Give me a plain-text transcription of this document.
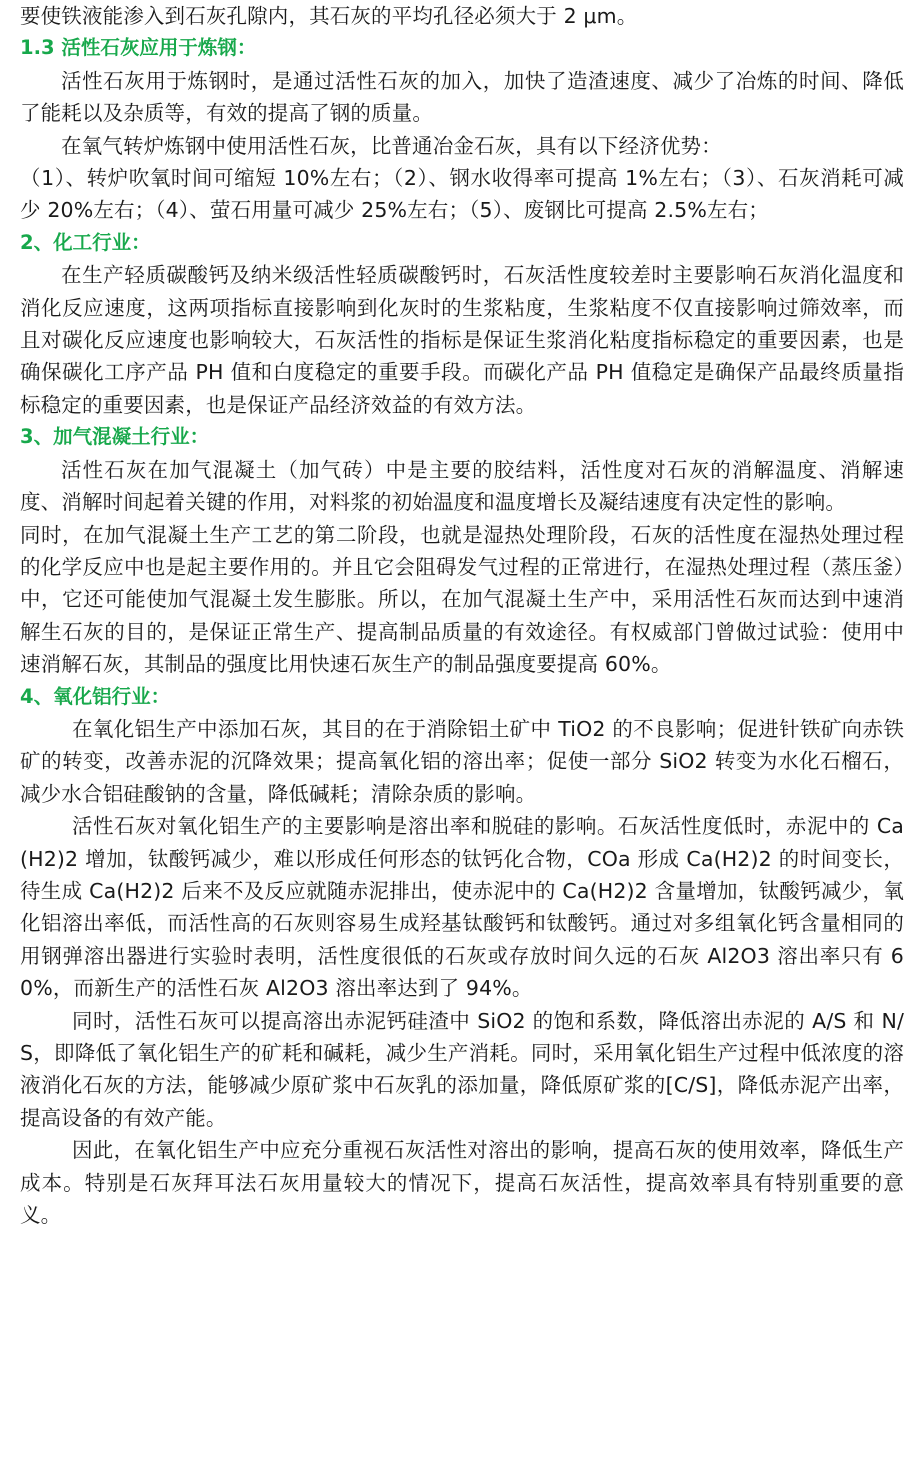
要使铁液能渗入到石灰孔隙内，其石灰的平均孔径必须大于 2 μm。

1.3 活性石灰应用于炼钢：

活性石灰用于炼钢时，是通过活性石灰的加入，加快了造渣速度、减少了冶炼的时间、降低了能耗以及杂质等，有效的提高了钢的质量。

在氧气转炉炼钢中使用活性石灰，比普通冶金石灰，具有以下经济优势：

（1）、转炉吹氧时间可缩短 10%左右；（2）、钢水收得率可提高 1%左右；（3）、石灰消耗可减少 20%左右；（4）、萤石用量可减少 25%左右；（5）、废钢比可提高 2.5%左右；

2、化工行业：

在生产轻质碳酸钙及纳米级活性轻质碳酸钙时，石灰活性度较差时主要影响石灰消化温度和消化反应速度，这两项指标直接影响到化灰时的生浆粘度，生浆粘度不仅直接影响过筛效率，而且对碳化反应速度也影响较大，石灰活性的指标是保证生浆消化粘度指标稳定的重要因素，也是确保碳化工序产品 PH 值和白度稳定的重要手段。而碳化产品 PH 值稳定是确保产品最终质量指标稳定的重要因素，也是保证产品经济效益的有效方法。

3、加气混凝土行业：

活性石灰在加气混凝土（加气砖）中是主要的胶结料，活性度对石灰的消解温度、消解速度、消解时间起着关键的作用，对料浆的初始温度和温度增长及凝结速度有决定性的影响。

同时，在加气混凝土生产工艺的第二阶段，也就是湿热处理阶段，石灰的活性度在湿热处理过程的化学反应中也是起主要作用的。并且它会阻碍发气过程的正常进行，在湿热处理过程（蒸压釜）中，它还可能使加气混凝土发生膨胀。所以，在加气混凝土生产中，采用活性石灰而达到中速消解生石灰的目的，是保证正常生产、提高制品质量的有效途径。有权威部门曾做过试验：使用中速消解石灰，其制品的强度比用快速石灰生产的制品强度要提高 60%。

4、氧化铝行业：

在氧化铝生产中添加石灰，其目的在于消除铝土矿中 TiO2 的不良影响；促进针铁矿向赤铁矿的转变，改善赤泥的沉降效果；提高氧化铝的溶出率；促使一部分 SiO2 转变为水化石榴石，减少水合铝硅酸钠的含量，降低碱耗；清除杂质的影响。

活性石灰对氧化铝生产的主要影响是溶出率和脱硅的影响。石灰活性度低时，赤泥中的 Ca(H2)2 增加，钛酸钙减少，难以形成任何形态的钛钙化合物，COa 形成 Ca(H2)2 的时间变长，待生成 Ca(H2)2 后来不及反应就随赤泥排出，使赤泥中的 Ca(H2)2 含量增加，钛酸钙减少，氧化铝溶出率低，而活性高的石灰则容易生成羟基钛酸钙和钛酸钙。通过对多组氧化钙含量相同的用钢弹溶出器进行实验时表明，活性度很低的石灰或存放时间久远的石灰 Al2O3 溶出率只有 60%，而新生产的活性石灰 Al2O3 溶出率达到了 94%。

同时，活性石灰可以提高溶出赤泥钙硅渣中 SiO2 的饱和系数，降低溶出赤泥的 A/S 和 N/S，即降低了氧化铝生产的矿耗和碱耗，减少生产消耗。同时，采用氧化铝生产过程中低浓度的溶液消化石灰的方法，能够减少原矿浆中石灰乳的添加量，降低原矿浆的[C/S]，降低赤泥产出率，提高设备的有效产能。

因此，在氧化铝生产中应充分重视石灰活性对溶出的影响，提高石灰的使用效率，降低生产成本。特别是石灰拜耳法石灰用量较大的情况下，提高石灰活性，提高效率具有特别重要的意义。
